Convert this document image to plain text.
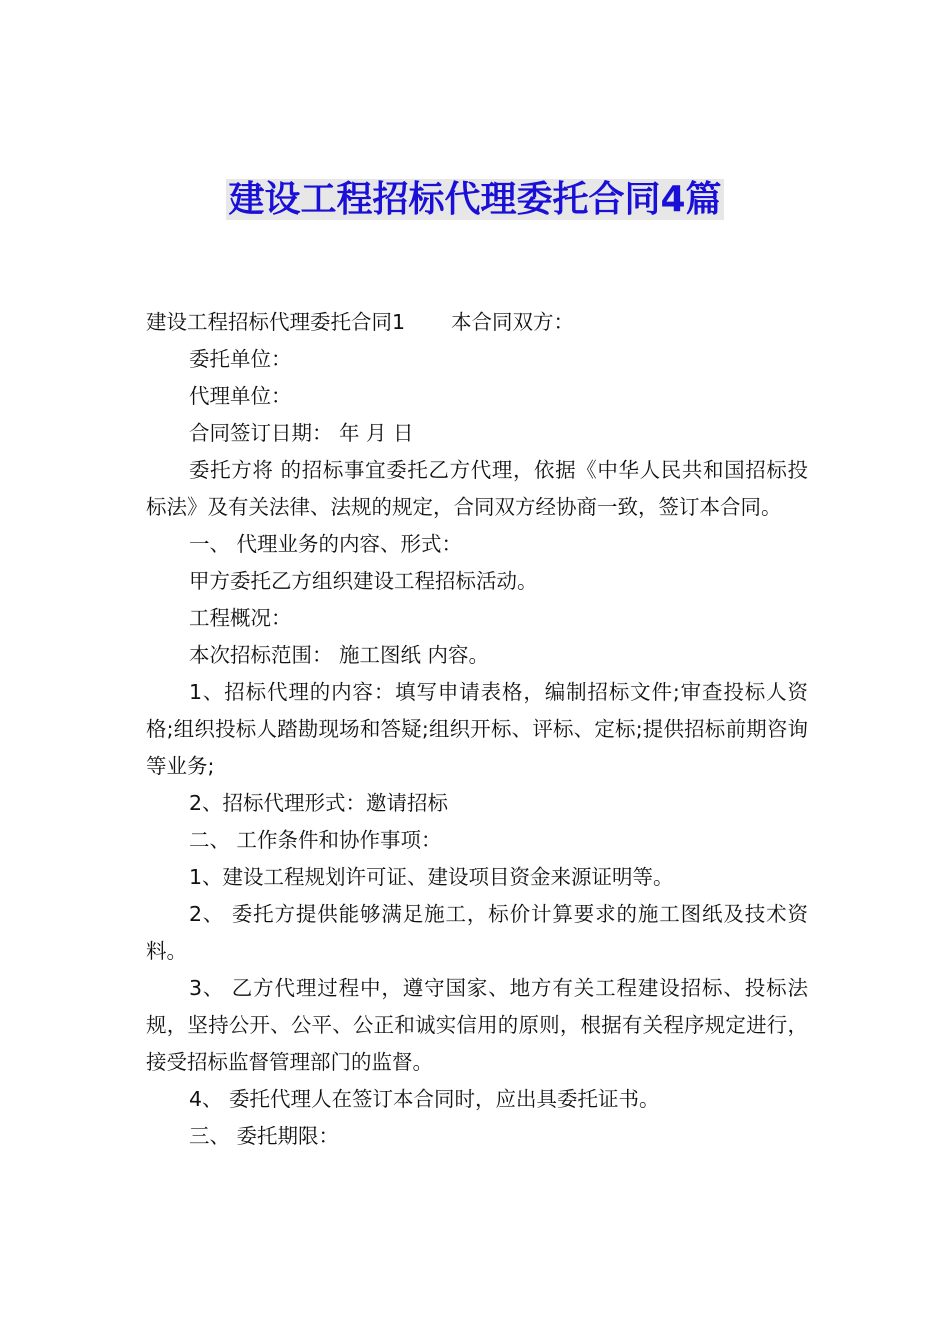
建设工程招标代理委托合同4篇

建设工程招标代理委托合同1 本合同双方：

委托单位：

代理单位：

合同签订日期： 年 月 日

委托方将 的招标事宜委托乙方代理，依据《中华人民共和国招标投标法》及有关法律、法规的规定，合同双方经协商一致，签订本合同。

一、 代理业务的内容、形式：

甲方委托乙方组织建设工程招标活动。

工程概况：

本次招标范围： 施工图纸 内容。

1、招标代理的内容：填写申请表格，编制招标文件;审查投标人资格;组织投标人踏勘现场和答疑;组织开标、评标、定标;提供招标前期咨询等业务;

2、招标代理形式：邀请招标

二、 工作条件和协作事项：

1、建设工程规划许可证、建设项目资金来源证明等。

2、 委托方提供能够满足施工，标价计算要求的施工图纸及技术资料。

3、 乙方代理过程中，遵守国家、地方有关工程建设招标、投标法规，坚持公开、公平、公正和诚实信用的原则，根据有关程序规定进行，接受招标监督管理部门的监督。

4、 委托代理人在签订本合同时，应出具委托证书。

三、 委托期限：
